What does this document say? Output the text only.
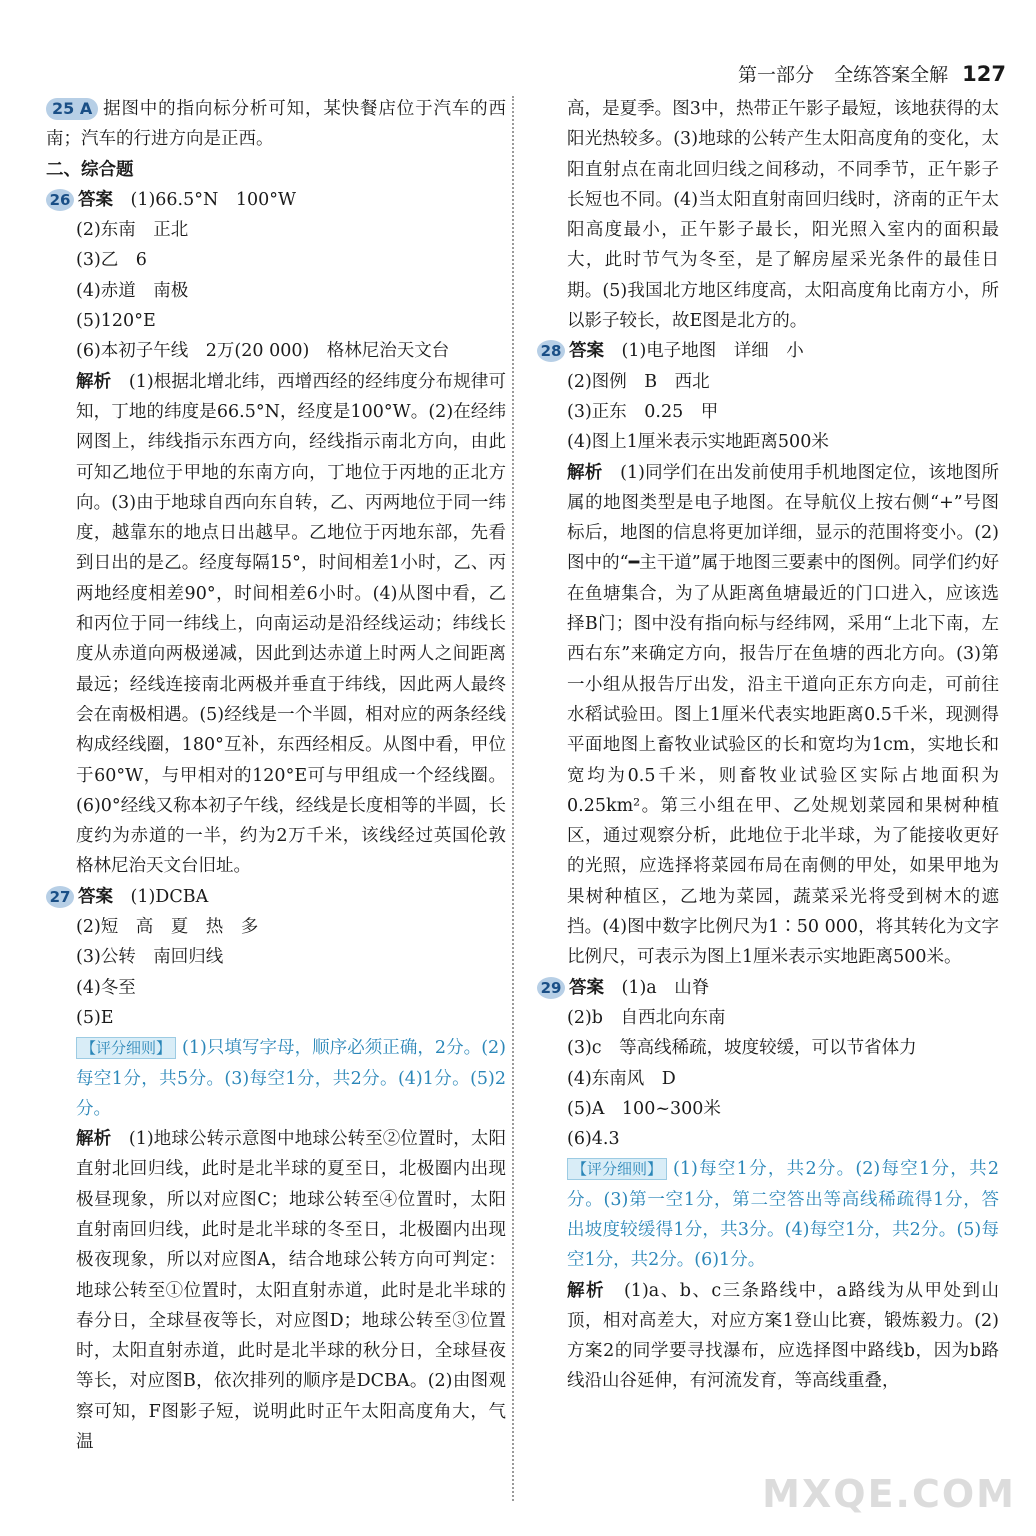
第一部分 全练答案全解 127

25 A 据图中的指向标分析可知，某快餐店位于汽车的西南；汽车的行进方向是正西。

二、综合题

26 答案　 (1)66.5°N　100°W

(2)东南　正北

(3)乙　6

(4)赤道　南极

(5)120°E

(6)本初子午线　2万(20 000)　格林尼治天文台

解析　 (1)根据北增北纬，西增西经的经纬度分布规律可知，丁地的纬度是66.5°N，经度是100°W。(2)在经纬网图上，纬线指示东西方向，经线指示南北方向，由此可知乙地位于甲地的东南方向，丁地位于丙地的正北方向。(3)由于地球自西向东自转，乙、丙两地位于同一纬度，越靠东的地点日出越早。乙地位于丙地东部，先看到日出的是乙。经度每隔15°，时间相差1小时，乙、丙两地经度相差90°，时间相差6小时。(4)从图中看，乙和丙位于同一纬线上，向南运动是沿经线运动；纬线长度从赤道向两极递减，因此到达赤道上时两人之间距离最远；经线连接南北两极并垂直于纬线，因此两人最终会在南极相遇。(5)经线是一个半圆，相对应的两条经线构成经线圈，180°互补，东西经相反。从图中看，甲位于60°W，与甲相对的120°E可与甲组成一个经线圈。(6)0°经线又称本初子午线，经线是长度相等的半圆，长度约为赤道的一半，约为2万千米，该线经过英国伦敦格林尼治天文台旧址。

27 答案　 (1)DCBA

(2)短　高　夏　热　多

(3)公转　南回归线

(4)冬至

(5)E

【评分细则】 (1)只填写字母，顺序必须正确，2分。(2)每空1分，共5分。(3)每空1分，共2分。(4)1分。(5)2分。

解析　 (1)地球公转示意图中地球公转至②位置时，太阳直射北回归线，此时是北半球的夏至日，北极圈内出现极昼现象，所以对应图C；地球公转至④位置时，太阳直射南回归线，此时是北半球的冬至日，北极圈内出现极夜现象，所以对应图A，结合地球公转方向可判定：地球公转至①位置时，太阳直射赤道，此时是北半球的春分日，全球昼夜等长，对应图D；地球公转至③位置时，太阳直射赤道，此时是北半球的秋分日，全球昼夜等长，对应图B，依次排列的顺序是DCBA。(2)由图观察可知，F图影子短，说明此时正午太阳高度角大，气温

高，是夏季。图3中，热带正午影子最短，该地获得的太阳光热较多。(3)地球的公转产生太阳高度角的变化，太阳直射点在南北回归线之间移动，不同季节，正午影子长短也不同。(4)当太阳直射南回归线时，济南的正午太阳高度最小，正午影子最长，阳光照入室内的面积最大，此时节气为冬至，是了解房屋采光条件的最佳日期。(5)我国北方地区纬度高，太阳高度角比南方小，所以影子较长，故E图是北方的。

28 答案　 (1)电子地图　详细　小

(2)图例　B　西北

(3)正东　0.25　甲

(4)图上1厘米表示实地距离500米

解析　 (1)同学们在出发前使用手机地图定位，该地图所属的地图类型是电子地图。在导航仪上按右侧“+”号图标后，地图的信息将更加详细，显示的范围将变小。(2)图中的“━主干道”属于地图三要素中的图例。同学们约好在鱼塘集合，为了从距离鱼塘最近的门口进入，应该选择B门；图中没有指向标与经纬网，采用“上北下南，左西右东”来确定方向，报告厅在鱼塘的西北方向。(3)第一小组从报告厅出发，沿主干道向正东方向走，可前往水稻试验田。图上1厘米代表实地距离0.5千米，现测得平面地图上畜牧业试验区的长和宽均为1cm，实地长和宽均为0.5千米，则畜牧业试验区实际占地面积为0.25km²。第三小组在甲、乙处规划菜园和果树种植区，通过观察分析，此地位于北半球，为了能接收更好的光照，应选择将菜园布局在南侧的甲处，如果甲地为果树种植区，乙地为菜园，蔬菜采光将受到树木的遮挡。(4)图中数字比例尺为1∶50 000，将其转化为文字比例尺，可表示为图上1厘米表示实地距离500米。

29 答案　 (1)a　山脊

(2)b　自西北向东南

(3)c　等高线稀疏，坡度较缓，可以节省体力

(4)东南风　D

(5)A　100~300米

(6)4.3

【评分细则】 (1)每空1分，共2分。(2)每空1分，共2分。(3)第一空1分，第二空答出等高线稀疏得1分，答出坡度较缓得1分，共3分。(4)每空1分，共2分。(5)每空1分，共2分。(6)1分。

解析　 (1)a、b、c三条路线中，a路线为从甲处到山顶，相对高差大，对应方案1登山比赛，锻炼毅力。(2)方案2的同学要寻找瀑布，应选择图中路线b，因为b路线沿山谷延伸，有河流发育，等高线重叠，

MXQE.COM
